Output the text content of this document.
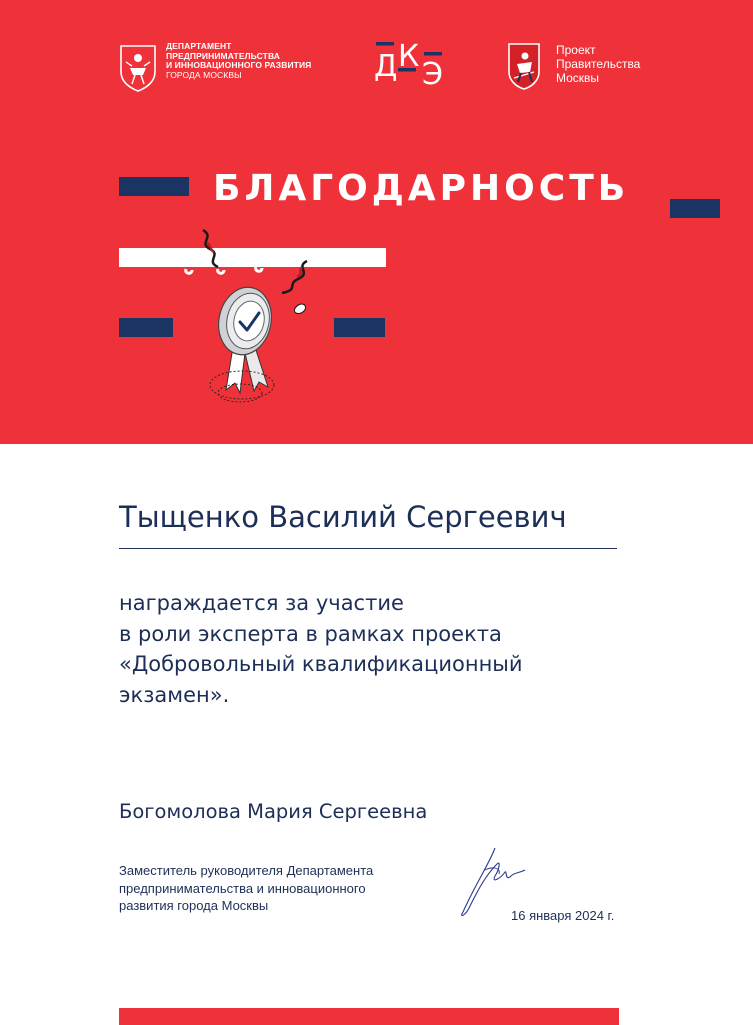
ДЕПАРТАМЕНТ
ПРЕДПРИНИМАТЕЛЬСТВА
И ИННОВАЦИОННОГО РАЗВИТИЯ
ГОРОДА МОСКВЫ	Д К
Э
Проект
Правительства
Москвы
БЛАГОДАРНОСТЬ
Тыщенко Василий Сергеевич
награждается за участие
в роли эксперта в рамках проекта
«Добровольный квалификационный
экзамен».
Богомолова Мария Сергеевна
Заместитель руководителя Департамента
предпринимательства и инновационного
развития города Москвы
16 января 2024 г.
